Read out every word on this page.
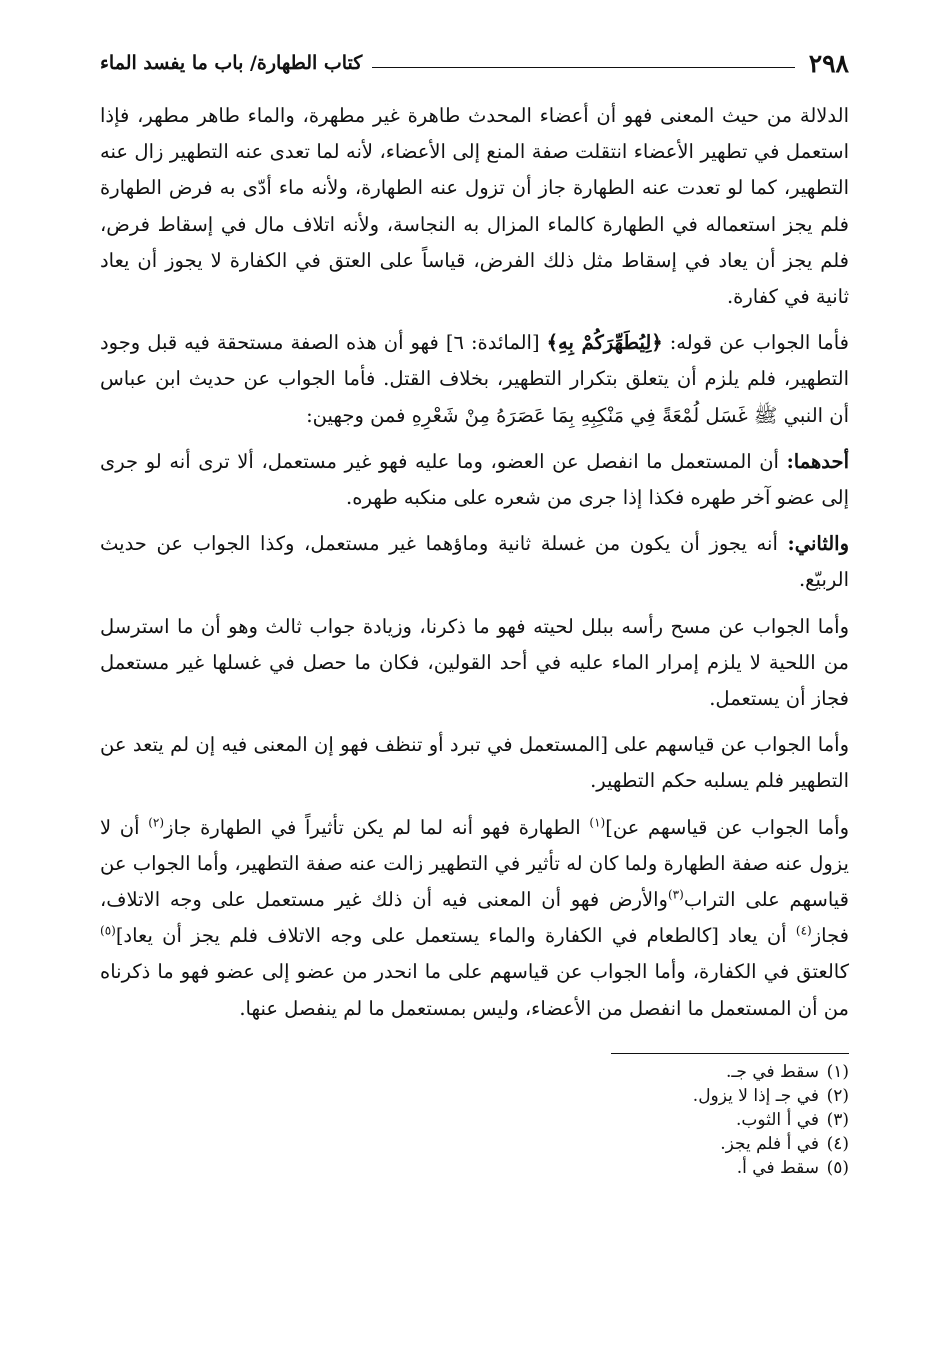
٢٩٨
كتاب الطهارة/ باب ما يفسد الماء

الدلالة من حيث المعنى فهو أن أعضاء المحدث طاهرة غير مطهرة، والماء طاهر مطهر، فإذا استعمل في تطهير الأعضاء انتقلت صفة المنع إلى الأعضاء، لأنه لما تعدى عنه التطهير زال عنه التطهير، كما لو تعدت عنه الطهارة جاز أن تزول عنه الطهارة، ولأنه ماء أدّى به فرض الطهارة فلم يجز استعماله في الطهارة كالماء المزال به النجاسة، ولأنه اتلاف مال في إسقاط فرض، فلم يجز أن يعاد في إسقاط مثل ذلك الفرض، قياساً على العتق في الكفارة لا يجوز أن يعاد ثانية في كفارة.

فأما الجواب عن قوله: ﴿لِيُطَهِّرَكُمْ بِهِ﴾ [المائدة: ٦] فهو أن هذه الصفة مستحقة فيه قبل وجود التطهير، فلم يلزم أن يتعلق بتكرار التطهير، بخلاف القتل. فأما الجواب عن حديث ابن عباس أن النبي ﷺ غَسَل لُمْعَةً فِي مَنْكِبِهِ بِمَا عَصَرَهُ مِنْ شَعْرِهِ فمن وجهين:

أحدهما: أن المستعمل ما انفصل عن العضو، وما عليه فهو غير مستعمل، ألا ترى أنه لو جرى إلى عضو آخر طهره فكذا إذا جرى من شعره على منكبه طهره.

والثاني: أنه يجوز أن يكون من غسلة ثانية وماؤهما غير مستعمل، وكذا الجواب عن حديث الربيّع.

وأما الجواب عن مسح رأسه ببلل لحيته فهو ما ذكرنا، وزيادة جواب ثالث وهو أن ما استرسل من اللحية لا يلزم إمرار الماء عليه في أحد القولين، فكان ما حصل في غسلها غير مستعمل فجاز أن يستعمل.

وأما الجواب عن قياسهم على [المستعمل في تبرد أو تنظف فهو إن المعنى فيه إن لم يتعد عن التطهير فلم يسلبه حكم التطهير.

وأما الجواب عن قياسهم عن]$^{(١)}$ الطهارة فهو أنه لما لم يكن تأثيراً في الطهارة جاز$^{(٢)}$ أن لا يزول عنه صفة الطهارة ولما كان له تأثير في التطهير زالت عنه صفة التطهير، وأما الجواب عن قياسهم على التراب$^{(٣)}$والأرض فهو أن المعنى فيه أن ذلك غير مستعمل على وجه الاتلاف، فجاز$^{(٤)}$ أن يعاد [كالطعام في الكفارة والماء يستعمل على وجه الاتلاف فلم يجز أن يعاد]$^{(٥)}$ كالعتق في الكفارة، وأما الجواب عن قياسهم على ما انحدر من عضو إلى عضو فهو ما ذكرناه من أن المستعمل ما انفصل من الأعضاء، وليس بمستعمل ما لم ينفصل عنها.

(١)
سقط في جـ.
(٢)
في جـ إذا لا يزول.
(٣)
في أ الثوب.
(٤)
في أ فلم يجز.
(٥)
سقط في أ.
